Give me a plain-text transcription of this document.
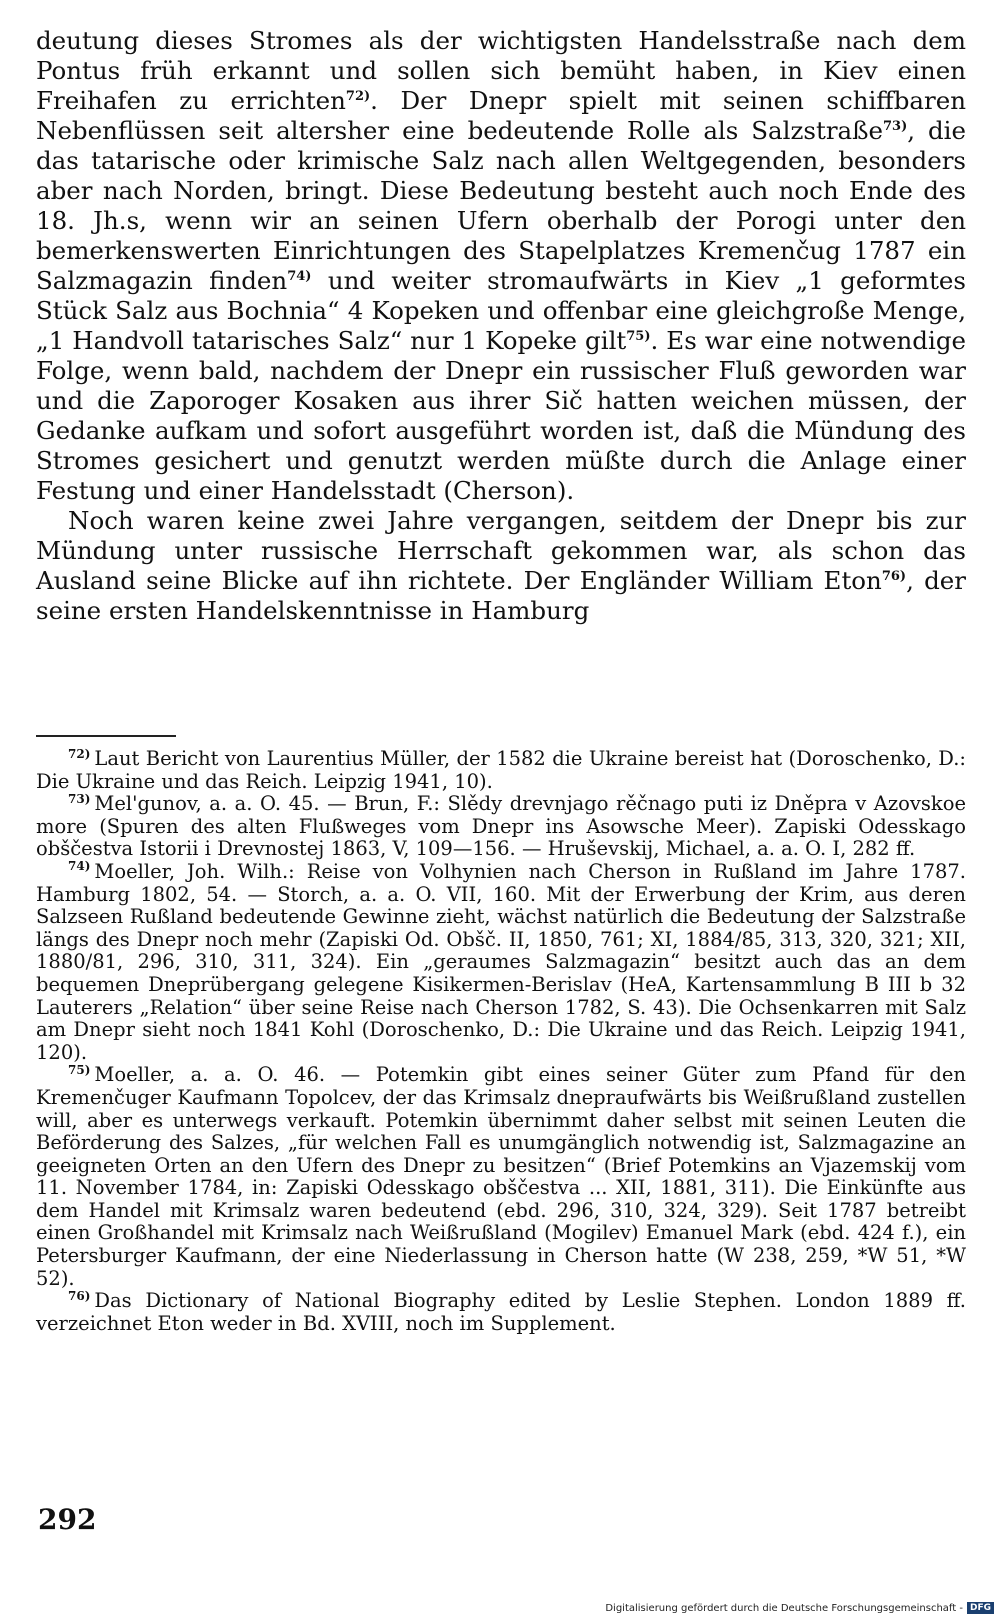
deutung dieses Stromes als der wichtigsten Handelsstraße nach dem Pontus früh erkannt und sollen sich bemüht haben, in Kiev einen Freihafen zu errichten$^{72)}$. Der Dnepr spielt mit seinen schiffbaren Nebenflüssen seit altersher eine bedeutende Rolle als Salzstraße$^{73)}$, die das tatarische oder krimische Salz nach allen Weltgegenden, besonders aber nach Norden, bringt. Diese Bedeutung besteht auch noch Ende des 18. Jh.s, wenn wir an seinen Ufern oberhalb der Porogi unter den bemerkenswerten Einrichtungen des Stapelplatzes Kremenčug 1787 ein Salzmagazin finden$^{74)}$ und weiter stromaufwärts in Kiev „1 geformtes Stück Salz aus Bochnia“ 4 Kopeken und offenbar eine gleichgroße Menge, „1 Handvoll tatarisches Salz“ nur 1 Kopeke gilt$^{75)}$. Es war eine notwendige Folge, wenn bald, nachdem der Dnepr ein russischer Fluß geworden war und die Zaporoger Kosaken aus ihrer Sič hatten weichen müssen, der Gedanke aufkam und sofort ausgeführt worden ist, daß die Mündung des Stromes gesichert und genutzt werden müßte durch die Anlage einer Festung und einer Handelsstadt (Cherson).

Noch waren keine zwei Jahre vergangen, seitdem der Dnepr bis zur Mündung unter russische Herrschaft gekommen war, als schon das Ausland seine Blicke auf ihn richtete. Der Engländer William Eton$^{76)}$, der seine ersten Handelskenntnisse in Hamburg

$^{72)}$ Laut Bericht von Laurentius Müller, der 1582 die Ukraine bereist hat (Doroschenko, D.: Die Ukraine und das Reich. Leipzig 1941, 10).

$^{73)}$ Mel'gunov, a. a. O. 45. — Brun, F.: Slědy drevnjago rěčnago puti iz Dněpra v Azovskoe more (Spuren des alten Flußweges vom Dnepr ins Asowsche Meer). Zapiski Odesskago obščestva Istorii i Drevnostej 1863, V, 109—156. — Hruševskij, Michael, a. a. O. I, 282 ff.

$^{74)}$ Moeller, Joh. Wilh.: Reise von Volhynien nach Cherson in Rußland im Jahre 1787. Hamburg 1802, 54. — Storch, a. a. O. VII, 160. Mit der Erwerbung der Krim, aus deren Salzseen Rußland bedeutende Gewinne zieht, wächst natürlich die Bedeutung der Salzstraße längs des Dnepr noch mehr (Zapiski Od. Obšč. II, 1850, 761; XI, 1884/85, 313, 320, 321; XII, 1880/81, 296, 310, 311, 324). Ein „geraumes Salzmagazin“ besitzt auch das an dem bequemen Dneprübergang gelegene Kisikermen-Berislav (HeA, Kartensammlung B III b 32 Lauterers „Relation“ über seine Reise nach Cherson 1782, S. 43). Die Ochsenkarren mit Salz am Dnepr sieht noch 1841 Kohl (Doroschenko, D.: Die Ukraine und das Reich. Leipzig 1941, 120).

$^{75)}$ Moeller, a. a. O. 46. — Potemkin gibt eines seiner Güter zum Pfand für den Kremenčuger Kaufmann Topolcev, der das Krimsalz dnepraufwärts bis Weißrußland zustellen will, aber es unterwegs verkauft. Potemkin übernimmt daher selbst mit seinen Leuten die Beförderung des Salzes, „für welchen Fall es unumgänglich notwendig ist, Salzmagazine an geeigneten Orten an den Ufern des Dnepr zu besitzen“ (Brief Potemkins an Vjazemskij vom 11. November 1784, in: Zapiski Odesskago obščestva ... XII, 1881, 311). Die Einkünfte aus dem Handel mit Krimsalz waren bedeutend (ebd. 296, 310, 324, 329). Seit 1787 betreibt einen Großhandel mit Krimsalz nach Weißrußland (Mogilev) Emanuel Mark (ebd. 424 f.), ein Petersburger Kaufmann, der eine Niederlassung in Cherson hatte (W 238, 259, *W 51, *W 52).

$^{76)}$ Das Dictionary of National Biography edited by Leslie Stephen. London 1889 ff. verzeichnet Eton weder in Bd. XVIII, noch im Supplement.

292
Digitalisierung gefördert durch die Deutsche Forschungsgemeinschaft - DFG
